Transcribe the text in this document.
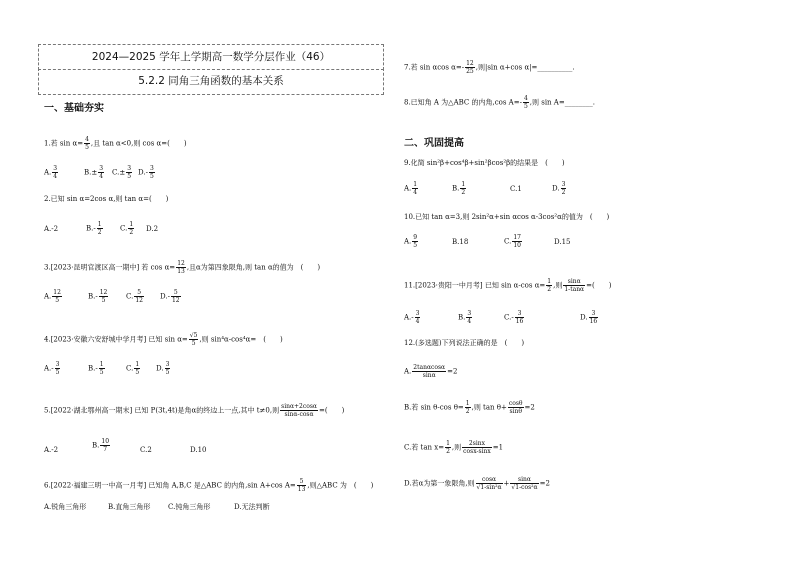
2024—2025 学年上学期高一数学分层作业（46）
5.2.2 同角三角函数的基本关系
一、基础夯实
二、巩固提高
1.若 $\sin \alpha= \frac{4}{5}$ ,且 tan α<0,则 cos α=(　　)
A. $\frac{3}{4}$	$B.\pm \frac{3}{4} C.\pm \frac{3}{5} D.- \frac{3}{5}$
2.已知 sin α=2cos α,则 tan α=(　　)
A.-2	$B.- \frac{1}{2} C$. $\frac{1}{2} D.2$
3.[2023·昆明官渡区高一期中] 若 $\cos \alpha= \frac{12}{13}$ ,且α为第四象限角,则 tan α的值为　(　　)
A. $\frac{12}{5}$	$B.- \frac{12}{5}$	C. $\frac{5}{12} D.- \frac{5}{12}$
4.[2023·安徽六安舒城中学月考] 已知 $\sin \alpha= \frac{√5}{5}$ ,则 sin⁴α-cos⁴α=　(　　)
$A.- \frac{3}{5}$	$B.- \frac{1}{5}$	C. $\frac{1}{5} D$. $\frac{3}{5}$
5.[2022·湖北鄂州高一期末] 已知 P(3t,4t)是角α的终边上一点,其中 t≠0,则 $\frac{\sin\alpha+2\cos\alpha}{\sin\alpha-\cos\alpha}$ =(　　)
A.-2
B. $\frac{10}{7}$	C.2	D.10
6.[2022·福建三明一中高一月考] 已知角 A,B,C 是△ABC 的内角,sin A+cos $A= \frac{5}{13}$ ,则△ABC 为　(　　)
A.锐角三角形	B.直角三角形	C.钝角三角形	D.无法判断
7.若 sin αcos $\alpha=- \frac{12}{25}$ ,则|sin α+cos α|=__________.
8.已知角 A 为△ABC 的内角,cos $A=- \frac{4}{5}$ ,则 sin A=________.
9.化简 sin²β+cos⁴β+sin²βcos²β的结果是　(　　)
A. $\frac{1}{4}$	B. $\frac{1}{2}$	C.1	D. $\frac{3}{2}$
10.已知 tan α=3,则 2sin²α+sin αcos α-3cos²α的值为　(　　)
A. $\frac{9}{5}$	B.18	C. $\frac{17}{10}$	D.15
11.[2023·贵阳一中月考] 已知 sin α-cos $\alpha= \frac{1}{2}$ ,则 $\frac{\sin\alpha}{1-\tan\alpha}$ =(　　)
$A.- \frac{3}{4}$	B. $\frac{3}{4}$	$C.- \frac{3}{16}$	D. $\frac{3}{16}$
12.(多选题)下列说法正确的是　(　　)
A. $\frac{2\tan\alpha\cos\alpha}{\sin\alpha} =2$
B.若 sin θ-cos $\theta= \frac{1}{2}$ ,则 $\tan \theta+ \frac{\cos\theta}{\sin\theta} =2$
C.若 $\tan x= \frac{1}{2}$ ,则 $\frac{2\sin x}{\cos x-\sin x} =1$
D.若α为第一象限角,则 $\frac{\cos\alpha}{\text{√1-sin²α}} + \frac{\sin\alpha}{\text{√1-cos²α}} =2$
